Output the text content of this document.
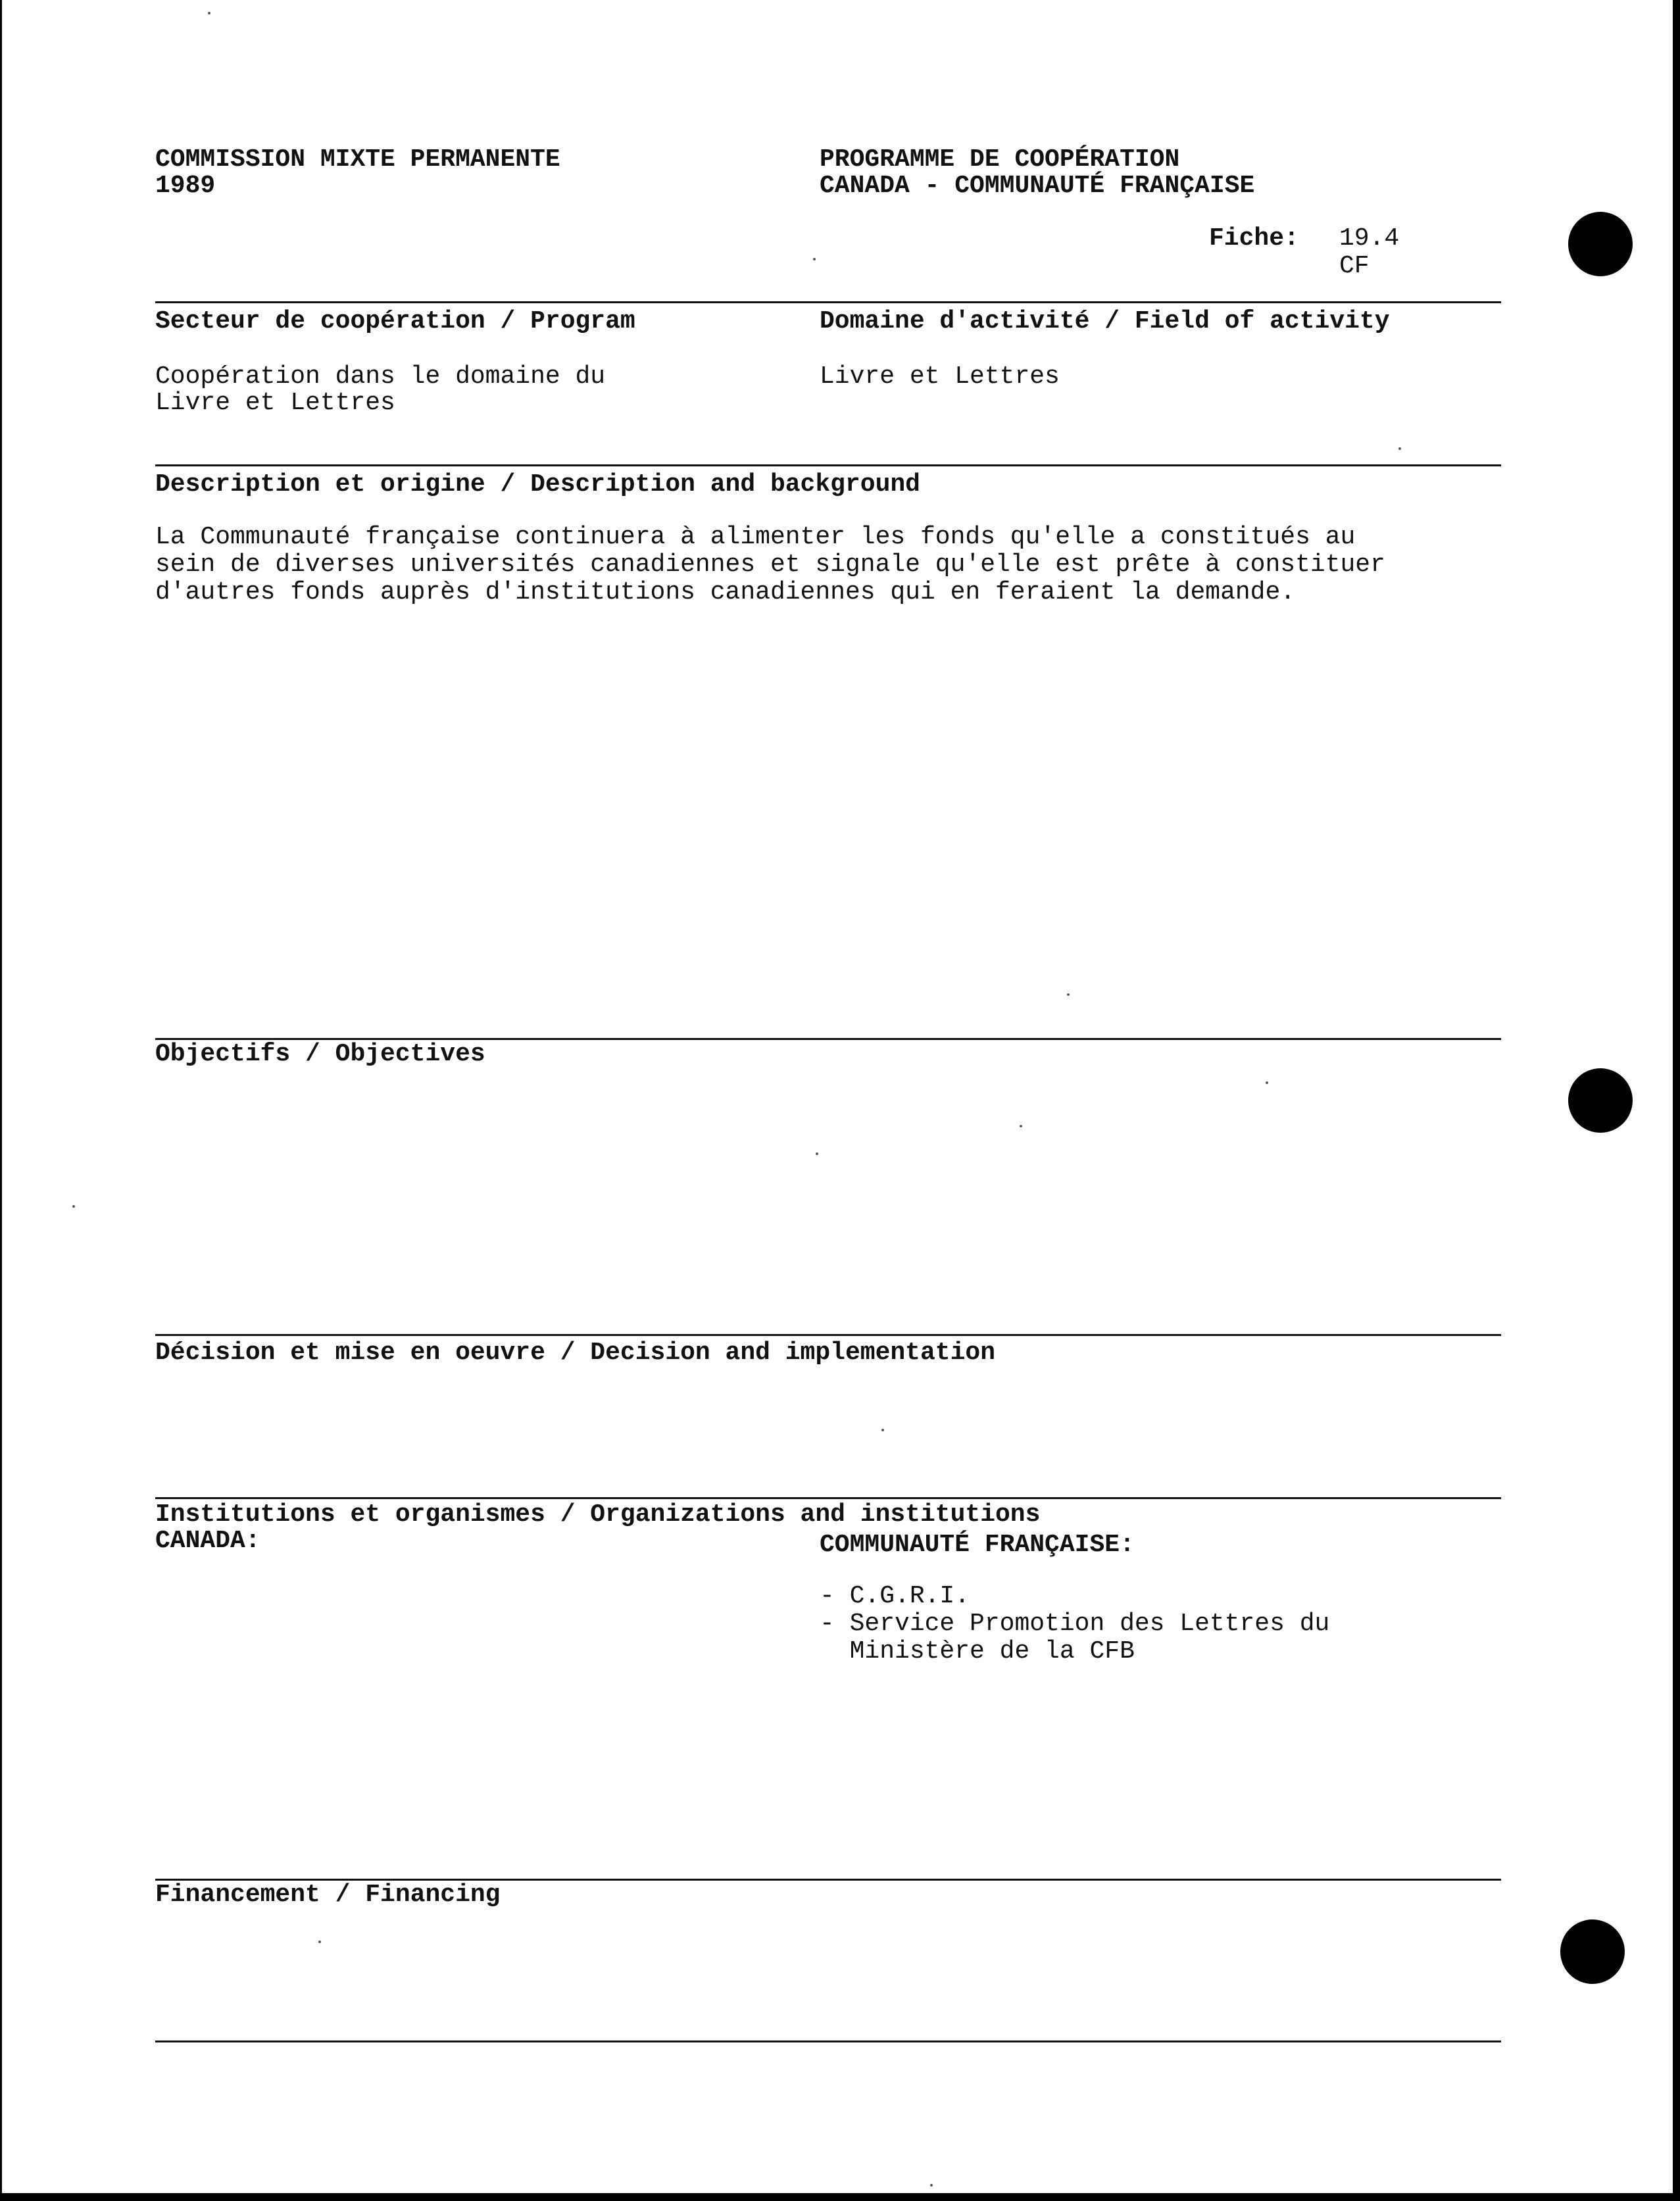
COMMISSION MIXTE PERMANENTE
1989
PROGRAMME DE COOPÉRATION
CANADA - COMMUNAUTÉ FRANÇAISE
Fiche: 19.4
CF
Secteur de coopération / Program	Domaine d'activité / Field of activity
Coopération dans le domaine du
Livre et Lettres
Livre et Lettres
Description et origine / Description and background
La Communauté française continuera à alimenter les fonds qu'elle a constitués au
sein de diverses universités canadiennes et signale qu'elle est prête à constituer
d'autres fonds auprès d'institutions canadiennes qui en feraient la demande.
Objectifs / Objectives
Décision et mise en oeuvre / Decision and implementation
Institutions et organismes / Organizations and institutions
CANADA:	COMMUNAUTÉ FRANÇAISE:
- C.G.R.I.
- Service Promotion des Lettres du
Ministère de la CFB
Financement / Financing
